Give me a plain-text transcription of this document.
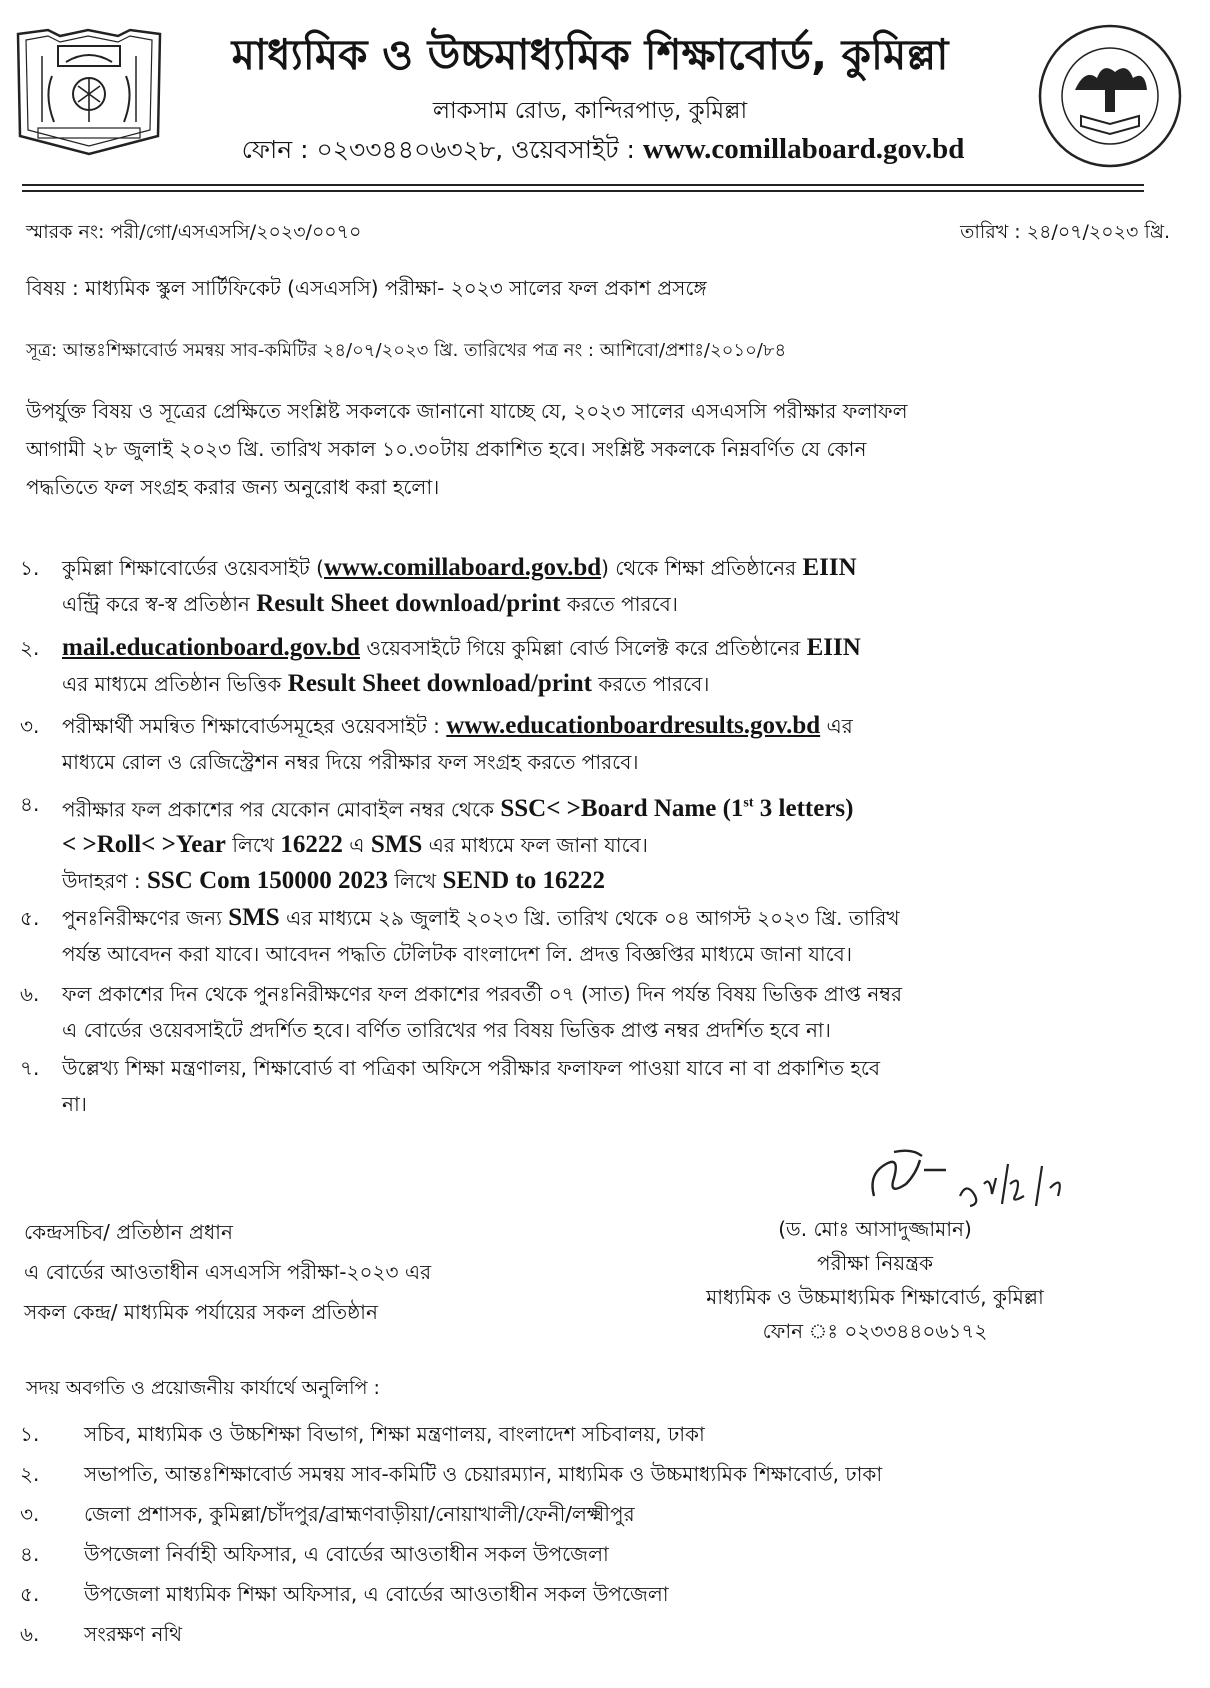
মাধ্যমিক ও উচ্চমাধ্যমিক শিক্ষাবোর্ড, কুমিল্লা
লাকসাম রোড, কান্দিরপাড়, কুমিল্লা
ফোন : ০২৩৩৪৪০৬৩২৮, ওয়েবসাইট : www.comillaboard.gov.bd
স্মারক নং: পরী/গো/এসএসসি/২০২৩/০০৭০	তারিখ : ২৪/০৭/২০২৩ খ্রি.
বিষয় : মাধ্যমিক স্কুল সার্টিফিকেট (এসএসসি) পরীক্ষা- ২০২৩ সালের ফল প্রকাশ প্রসঙ্গে
সূত্র: আন্তঃশিক্ষাবোর্ড সমন্বয় সাব-কমিটির ২৪/০৭/২০২৩ খ্রি. তারিখের পত্র নং : আশিবো/প্রশাঃ/২০১০/৮৪
উপর্যুক্ত বিষয় ও সূত্রের প্রেক্ষিতে সংশ্লিষ্ট সকলকে জানানো যাচ্ছে যে, ২০২৩ সালের এসএসসি পরীক্ষার ফলাফল
আগামী ২৮ জুলাই ২০২৩ খ্রি. তারিখ সকাল ১০.৩০টায় প্রকাশিত হবে। সংশ্লিষ্ট সকলকে নিম্নবর্ণিত যে কোন
পদ্ধতিতে ফল সংগ্রহ করার জন্য অনুরোধ করা হলো।
১.	কুমিল্লা শিক্ষাবোর্ডের ওয়েবসাইট (www.comillaboard.gov.bd) থেকে শিক্ষা প্রতিষ্ঠানের EIIN
এন্ট্রি করে স্ব-স্ব প্রতিষ্ঠান Result Sheet download/print করতে পারবে।
২. mail.educationboard.gov.bd ওয়েবসাইটে গিয়ে কুমিল্লা বোর্ড সিলেক্ট করে প্রতিষ্ঠানের EIIN
এর মাধ্যমে প্রতিষ্ঠান ভিত্তিক Result Sheet download/print করতে পারবে।
৩.	পরীক্ষার্থী সমন্বিত শিক্ষাবোর্ডসমূহের ওয়েবসাইট : www.educationboardresults.gov.bd এর
মাধ্যমে রোল ও রেজিস্ট্রেশন নম্বর দিয়ে পরীক্ষার ফল সংগ্রহ করতে পারবে।
৪.	পরীক্ষার ফল প্রকাশের পর যেকোন মোবাইল নম্বর থেকে SSC< >Board Name (1st 3 letters)
< >Roll< >Year লিখে 16222 এ SMS এর মাধ্যমে ফল জানা যাবে।
উদাহরণ : SSC Com 150000 2023 লিখে SEND to 16222
৫.	পুনঃনিরীক্ষণের জন্য SMS এর মাধ্যমে ২৯ জুলাই ২০২৩ খ্রি. তারিখ থেকে ০৪ আগস্ট ২০২৩ খ্রি. তারিখ
পর্যন্ত আবেদন করা যাবে। আবেদন পদ্ধতি টেলিটক বাংলাদেশ লি. প্রদত্ত বিজ্ঞপ্তির মাধ্যমে জানা যাবে।
৬.	ফল প্রকাশের দিন থেকে পুনঃনিরীক্ষণের ফল প্রকাশের পরবর্তী ০৭ (সাত) দিন পর্যন্ত বিষয় ভিত্তিক প্রাপ্ত নম্বর
এ বোর্ডের ওয়েবসাইটে প্রদর্শিত হবে। বর্ণিত তারিখের পর বিষয় ভিত্তিক প্রাপ্ত নম্বর প্রদর্শিত হবে না।
৭.	উল্লেখ্য শিক্ষা মন্ত্রণালয়, শিক্ষাবোর্ড বা পত্রিকা অফিসে পরীক্ষার ফলাফল পাওয়া যাবে না বা প্রকাশিত হবে
না।
কেন্দ্রসচিব/ প্রতিষ্ঠান প্রধান
এ বোর্ডের আওতাধীন এসএসসি পরীক্ষা-২০২৩ এর
সকল কেন্দ্র/ মাধ্যমিক পর্যায়ের সকল প্রতিষ্ঠান
(ড. মোঃ আসাদুজ্জামান)
পরীক্ষা নিয়ন্ত্রক
মাধ্যমিক ও উচ্চমাধ্যমিক শিক্ষাবোর্ড, কুমিল্লা
ফোন ঃ ০২৩৩৪৪০৬১৭২
সদয় অবগতি ও প্রয়োজনীয় কার্যার্থে অনুলিপি :
১.	সচিব, মাধ্যমিক ও উচ্চশিক্ষা বিভাগ, শিক্ষা মন্ত্রণালয়, বাংলাদেশ সচিবালয়, ঢাকা
২.	সভাপতি, আন্তঃশিক্ষাবোর্ড সমন্বয় সাব-কমিটি ও চেয়ারম্যান, মাধ্যমিক ও উচ্চমাধ্যমিক শিক্ষাবোর্ড, ঢাকা
৩.	জেলা প্রশাসক, কুমিল্লা/চাঁদপুর/ব্রাহ্মণবাড়ীয়া/নোয়াখালী/ফেনী/লক্ষ্মীপুর
৪.	উপজেলা নির্বাহী অফিসার, এ বোর্ডের আওতাধীন সকল উপজেলা
৫.	উপজেলা মাধ্যমিক শিক্ষা অফিসার, এ বোর্ডের আওতাধীন সকল উপজেলা
৬.	সংরক্ষণ নথি
